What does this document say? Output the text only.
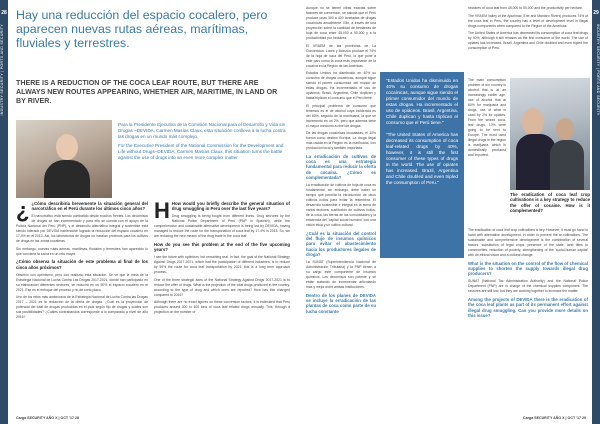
28
INDUSTRY SECURITY | PORTS AND SECURITY
Hay una reducción del espacio cocalero, pero aparecen nuevas rutas aéreas, marítimas, fluviales y terrestres.
THERE IS A REDUCTION OF THE COCA LEAF ROUTE, BUT THERE ARE ALWAYS NEW ROUTES APPEARING, WHETHER AIR, MARITIME, IN LAND OR BY RIVER.

Para la Presidente Ejecutiva de la Comisión Nacional para el Desarrollo y Vida sin Drogas –DEVIDA, Carmen Masías Claux, esta situación conlleva a la lucha contra las drogas en un mundo más complejo.

For the Executive President of the National Commission for the Development and Life without Drugs–DEVIDA, Carmen Masías Claux, this situation turns the battle against the use of drugs into an even more complex matter.

¿ ¿Cómo describiría brevemente la situación general del narcotráfico en el Perú durante los últimos cinco años?

El narcotráfico está siendo combatido desde muchos frentes. Los decomisos de drogas se han incrementado y para ello se cuenta con el apoyo de la Policía Nacional del Perú (PNP), y el desarrollo alternativo integral y sostenible está siendo liderado por DEVIDA habiéndose logrado la reducción del espacio cocalero en 17,4% en el 2013. Así, los laboratorios de drogas no instalan próximas para los cultivos de droga en las zonas cocaleras.

Sin embargo, nuevas rutas aéreas, marítimas, fluviales y terrestres han aparecido lo que convierte la lucha en un reto mayor.

¿Cómo observa la situación de este problema al final de los cinco años próximos?

Observo con optimismo, pero con realismo esta situación. Se ve que la meta de la Estrategia Nacional de Lucha Contra Las Drogas 2017-2021, donde han participado en su elaboración diferentes sectores, se reducirá en un 50% el espacio cocalero en el 2021. Ese es el enfoque del proceso y no de corto plazo.

Uno de los retos más ambiciosos de la Estrategia Nacional de Lucha Contra las Drogas 2017 – 2021 es la reducción de la oferta de drogas. ¿Cuál es la proyección de potencial del total de drogas producidas en el país según fijo de drogas y cuáles son sus posibilidades? ¿Cuáles contrabandos corresponde a lo comparado a nivel de año 2016?

H How would you briefly describe the general situation of drug smuggling in Peru over the last five years?

Drug smuggling is being fought from different fronts. Drug seizures by the National Police Department of Peru (PNP in Spanish), while the comprehensive and sustainable alternative development is being led by DEVIDA, having managed to reduce the route for the transportation of coca leaf by 17.4% in 2013. So, we are reducing the new means of the drug trade in the coca leaf.

How do you see this problem at the end of the five upcoming years?

I see the future with optimism, but remaining real. In fact, the goal of the National Strategy Against Drugs 2017-2021, which had the participation of different industries, is to reduce by 50% the route for coca leaf transportation by 2021; this is a long term approach process.

One of the three strategic axes of the National Strategy Against Drugs 2017-2021 is to reduce the offer of drugs. What is the projection of the total drugs produced in the country, according to the type of drug and which ones are reported? How has this changed compared to 2016?

Although there are no exact figures on these conversion factors, it is estimated that Peru produces around 300 to 400 tons of coca leaf related drugs annually. This, through a projection on the number of

Carga SECURITY AÑO X | OCT '17 28
29
INDUSTRY SECURITY | PORTS AND SECURITY

Aunque no se tienen cifras exactas sobre factores de conversión, se calcula que el Perú produce unas 300 a 400 toneladas de drogas cocaínicas anualmente. Ello, a través de una proyección sobre la cantidad de hectáreas de hoja de coca entre 45,000 a 50,000 y a la productividad por hectárea.

El VRAEM de las provincias de La Convención, Lares y Monzón produce el 74% de la hoja de coca del Perú, lo que pone a este país como la zona más importante de la cocaína en la Región de las Américas.

Estados Unidos ha disminuido en 40% su consumo de drogas cocaínicas, aunque sigue siendo el primer consumidor del mundo de estas drogas. Ha incrementado el uso de opiáceos. Brasil, Argentina, Chile duplican y hasta triplican el consumo que el Perú tiene.

El principal problema de consumo que tenemos es el de alcohol cuya incidencia es del 60%, seguido de la marihuana, la que se incrementó en un 2%, pero que además tiene el mayor consumo a nivel de drogas.

De las drogas cocaínicas incautadas, el 10% fueron como destino Europa. La droga ilegal más usada en la Región es la marihuana, con producción local y también importada.

La erradicación de cultivos de coca es una estrategia fundamental para reducir la oferta de cocaína. ¿Cómo es complementada?

La erradicación de cultivos de hoja de coca es fundamental, sin embargo, debe haber un tiempo que permita la introducción de otros cultivos lícitos para evitar la resiembra. El desarrollo sostenible e integral es la suma de varios factores: sustitución de cultivos lícitos, de la coca, las tierras de las comunidades y la existencia del 'capital social humano' con una visión ética y un cultivo cultural.

¿Cuál es la situación del control del flujo de insumos químicos para evitar el abastecimiento hacia los productores ilegales de droga?

La SUNAT (Superintendencia Nacional de Administración Tributaria) y la PNP tienen a su cargo este componente de insumos químicos. Los decomisos son potente y se están tratando de incrementar articulando más y mejor entre ambas instituciones.

Dentro de los planes de DEVIDA se incluye la erradicación de las plantas de coca como parte de su lucha constante

"Estados Unidos ha disminuido en 40% su consumo de drogas cocaínicas, aunque sigue siendo el primer consumidor del mundo de estas drogas. Ha incrementado el uso de opiáceos. Brasil, Argentina, Chile duplican y hasta triplican el consumo que el Perú tiene."

"The United States of America has decreased its consumption of coca leaf-related drugs by 40%, however, it is still the first consumer of these types of drugs in the world. The use of opiates has increased. Brazil, Argentina and Chile doubled and even tripled the consumption of Peru."

hectares of coca leaf from 45,000 to 50,000 and the productivity per hectare.

The VRAEM Valley of the Apurimac, Ene and Mantaro Rivers) produces 74% of the coca leaf in Peru, the country has a level of development level in illegal drugs components when compared to the Region of the Americas.

The United States of America has decreased its consumption of coca leaf drugs by 40%, although it still remains as the first consumer of the world. The use of opiates has increased. Brazil, Argentina and Chile doubled and even tripled the consumption of Peru.

The main consumption problem of our country is alcohol that is at an increasingly earlier age, use of alcohol that at 60% for marijuana and drugs, use of what is used by 2% for opiates. From the seized coca-leaf drugs, 10% were going to be sent to Europe. The most used illegal drugs in the region is marijuana, which is domestically produced and imported.

The eradication of coca leaf crop cultivations is a key strategy to reduce the offer of cocaine. How is it complemented?

The eradication of coca leaf crop cultivations is key. However, it must go hand in hand with alternative development, in order to prevent the re-cultivations. The sustainable and comprehensive development is the combination of several factors: substitution of legal crops, presence of the state, land titles to communities, reduction of poverty, strengthening of the 'social-human capital' with an ethical vision and a cultural change.

What is the situation on the control of the flow of chemical supplies to shorten the supply towards illegal drug producers?

SUNAT (National Tax Administration Authority) and the National Police Department (PNP) are in charge of the chemical supplies component. The seizures are still low, but they are working together to increase the matter.

Among the projects of DEVIDA there is the eradication of the coca leaf plants as part of its permanent effort against illegal drug smuggling. Can you provide more details on this issue?

Carga SECURITY AÑO X | OCT '17 29
